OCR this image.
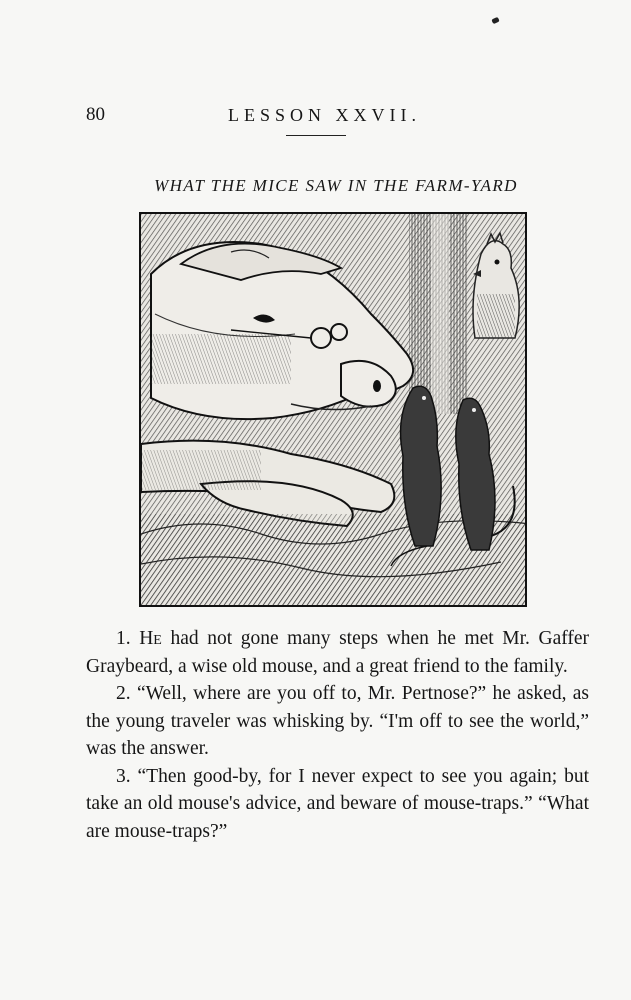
80	LESSON XXVII.
WHAT THE MICE SAW IN THE FARM-YARD

1. He had not gone many steps when he met Mr. Gaffer Graybeard, a wise old mouse, and a great friend to the family.

2. “Well, where are you off to, Mr. Pertnose?” he asked, as the young traveler was whisking by. “I'm off to see the world,” was the answer.

3. “Then good-by, for I never expect to see you again; but take an old mouse's advice, and beware of mouse-traps.” “What are mouse-traps?”
